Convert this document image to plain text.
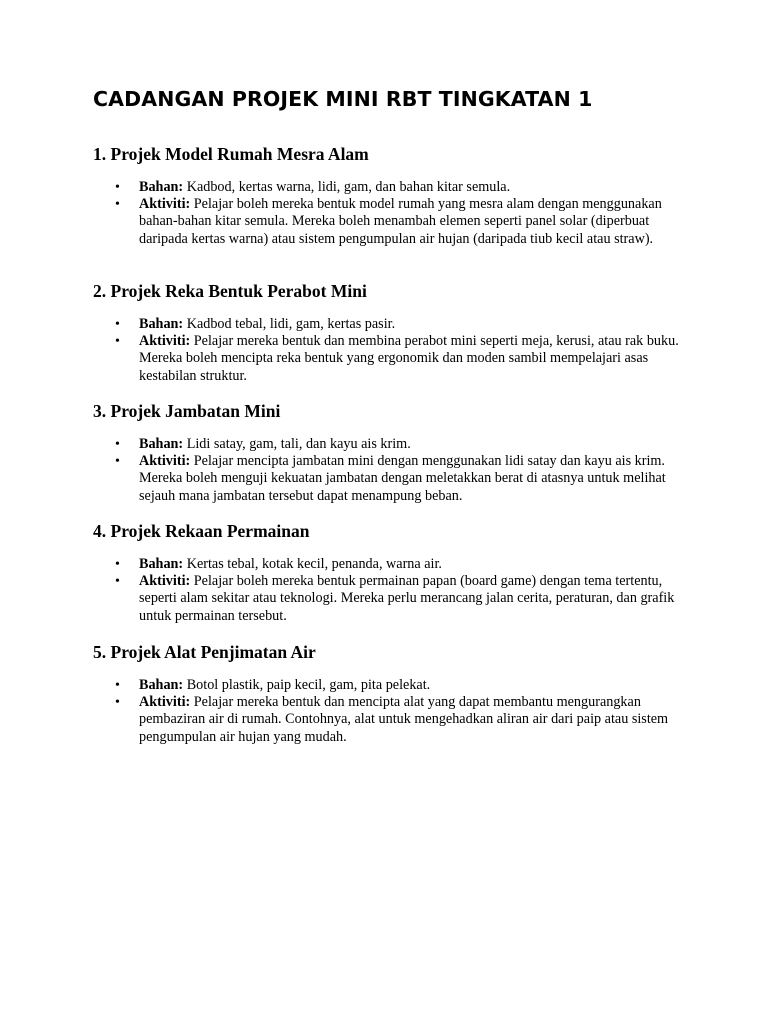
CADANGAN PROJEK MINI RBT TINGKATAN 1
1. Projek Model Rumah Mesra Alam
• Bahan: Kadbod, kertas warna, lidi, gam, dan bahan kitar semula.
• Aktiviti: Pelajar boleh mereka bentuk model rumah yang mesra alam dengan menggunakan bahan-bahan kitar semula. Mereka boleh menambah elemen seperti panel solar (diperbuat daripada kertas warna) atau sistem pengumpulan air hujan (daripada tiub kecil atau straw).
2. Projek Reka Bentuk Perabot Mini
• Bahan: Kadbod tebal, lidi, gam, kertas pasir.
• Aktiviti: Pelajar mereka bentuk dan membina perabot mini seperti meja, kerusi, atau rak buku. Mereka boleh mencipta reka bentuk yang ergonomik dan moden sambil mempelajari asas kestabilan struktur.
3. Projek Jambatan Mini
• Bahan: Lidi satay, gam, tali, dan kayu ais krim.
• Aktiviti: Pelajar mencipta jambatan mini dengan menggunakan lidi satay dan kayu ais krim. Mereka boleh menguji kekuatan jambatan dengan meletakkan berat di atasnya untuk melihat sejauh mana jambatan tersebut dapat menampung beban.
4. Projek Rekaan Permainan
• Bahan: Kertas tebal, kotak kecil, penanda, warna air.
• Aktiviti: Pelajar boleh mereka bentuk permainan papan (board game) dengan tema tertentu, seperti alam sekitar atau teknologi. Mereka perlu merancang jalan cerita, peraturan, dan grafik untuk permainan tersebut.
5. Projek Alat Penjimatan Air
• Bahan: Botol plastik, paip kecil, gam, pita pelekat.
• Aktiviti: Pelajar mereka bentuk dan mencipta alat yang dapat membantu mengurangkan pembaziran air di rumah. Contohnya, alat untuk mengehadkan aliran air dari paip atau sistem pengumpulan air hujan yang mudah.
